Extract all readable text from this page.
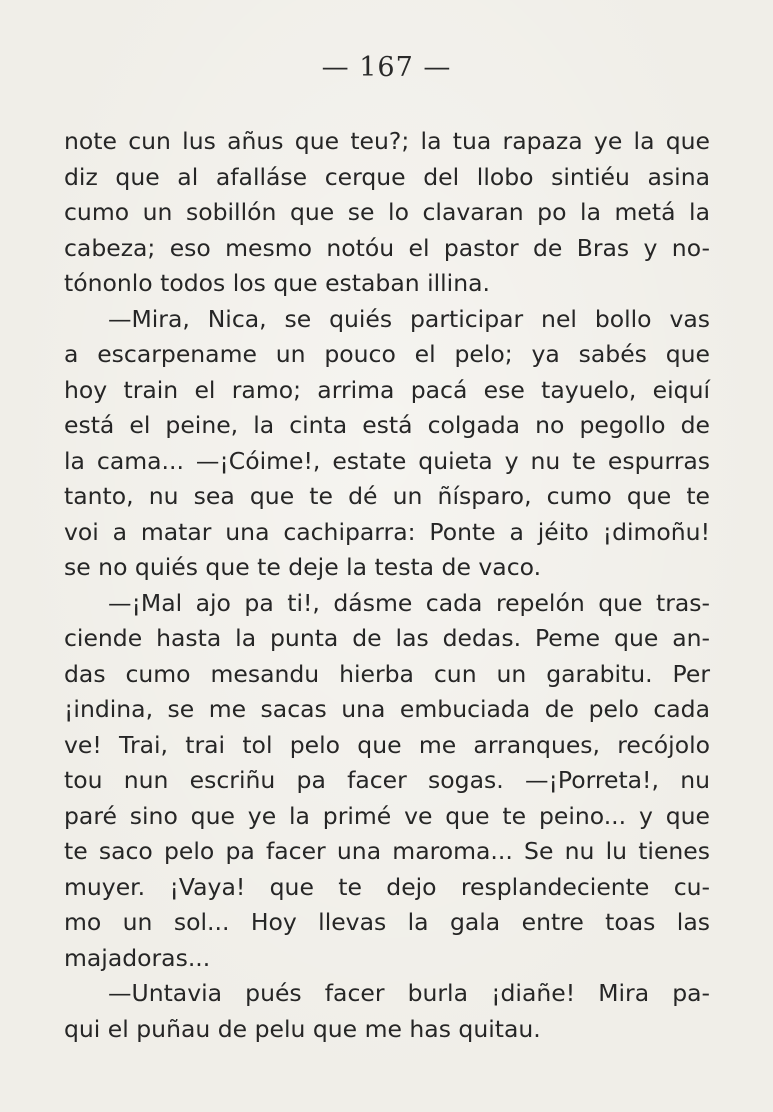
— 167 —
note cun lus añus que teu?; la tua rapaza ye la que
diz que al afalláse cerque del llobo sintiéu asina
cumo un sobillón que se lo clavaran po la metá la
cabeza; eso mesmo notóu el pastor de Bras y no-
tónonlo todos los que estaban illina.
—Mira, Nica, se quiés participar nel bollo vas
a escarpename un pouco el pelo; ya sabés que
hoy train el ramo; arrima pacá ese tayuelo, eiquí
está el peine, la cinta está colgada no pegollo de
la cama... —¡Cóime!, estate quieta y nu te espurras
tanto, nu sea que te dé un ñísparo, cumo que te
voi a matar una cachiparra: Ponte a jéito ¡dimoñu!
se no quiés que te deje la testa de vaco.
—¡Mal ajo pa ti!, dásme cada repelón que tras-
ciende hasta la punta de las dedas. Peme que an-
das cumo mesandu hierba cun un garabitu. Per
¡indina, se me sacas una embuciada de pelo cada
ve! Trai, trai tol pelo que me arranques, recójolo
tou nun escriñu pa facer sogas. —¡Porreta!, nu
paré sino que ye la primé ve que te peino... y que
te saco pelo pa facer una maroma... Se nu lu tienes
muyer. ¡Vaya! que te dejo resplandeciente cu-
mo un sol... Hoy llevas la gala entre toas las
majadoras...
—Untavia pués facer burla ¡diañe! Mira pa-
qui el puñau de pelu que me has quitau.
